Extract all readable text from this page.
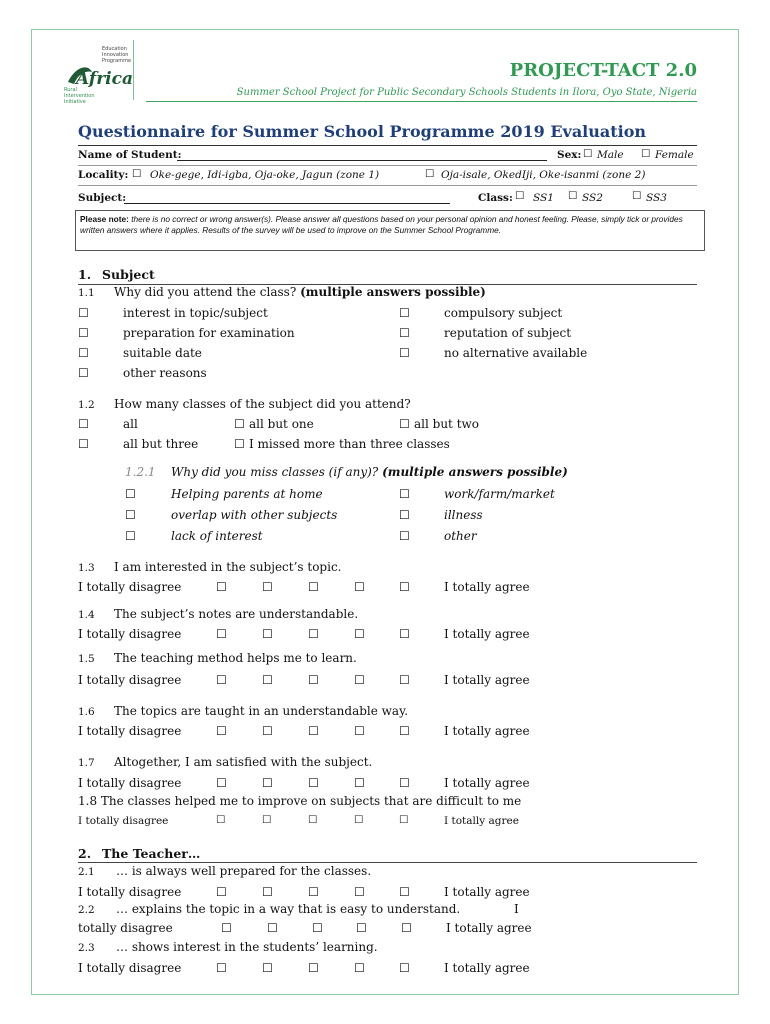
Education
Innovation
Programme
Africa
Rural
Intervention
Initiative
PROJECT-TACT 2.0
Summer School Project for Public Secondary Schools Students in Ilora, Oyo State, Nigeria
Questionnaire for Summer School Programme 2019 Evaluation
Name of Student:	Sex: ☐ Male ☐ Female
Locality: ☐ Oke-gege, Idi-igba, Oja-oke, Jagun (zone 1)	☐ Oja-isale, OkedIji, Oke-isanmi (zone 2)
Subject:	Class: ☐ SS1 ☐ SS2	☐ SS3
Please note: there is no correct or wrong answer(s). Please answer all questions based on your personal opinion and honest feeling. Please, simply tick or provides written answers where it applies. Results of the survey will be used to improve on the Summer School Programme.
1. Subject
1.1 Why did you attend the class? (multiple answers possible)
☐	interest in topic/subject	☐	compulsory subject
☐	preparation for examination	☐	reputation of subject
☐	suitable date	☐	no alternative available
☐	other reasons
1.2 How many classes of the subject did you attend?
☐	all	☐ all but one	☐ all but two
☐	all but three	☐ I missed more than three classes
1.2.1 Why did you miss classes (if any)? (multiple answers possible)
☐	Helping parents at home	☐	work/farm/market
☐	overlap with other subjects	☐	illness
☐	lack of interest	☐	other
1.3 I am interested in the subject’s topic.
I totally disagree	☐	☐	☐	☐	☐	I totally agree
1.4 The subject’s notes are understandable.
I totally disagree	☐	☐	☐	☐	☐	I totally agree
1.5 The teaching method helps me to learn.
I totally disagree	☐	☐	☐	☐	☐	I totally agree
1.6 The topics are taught in an understandable way.
I totally disagree	☐	☐	☐	☐	☐	I totally agree
1.7 Altogether, I am satisfied with the subject.
I totally disagree	☐	☐	☐	☐	☐	I totally agree
1.8 The classes helped me to improve on subjects that are difficult to me
I totally disagree	☐	☐	☐	☐	☐	I totally agree
2. The Teacher…
2.1 … is always well prepared for the classes.
I totally disagree	☐	☐	☐	☐	☐	I totally agree
2.2 … explains the topic in a way that is easy to understand.	I
totally disagree	☐	☐	☐	☐	☐	I totally agree
2.3 … shows interest in the students’ learning.
I totally disagree	☐	☐	☐	☐	☐	I totally agree
